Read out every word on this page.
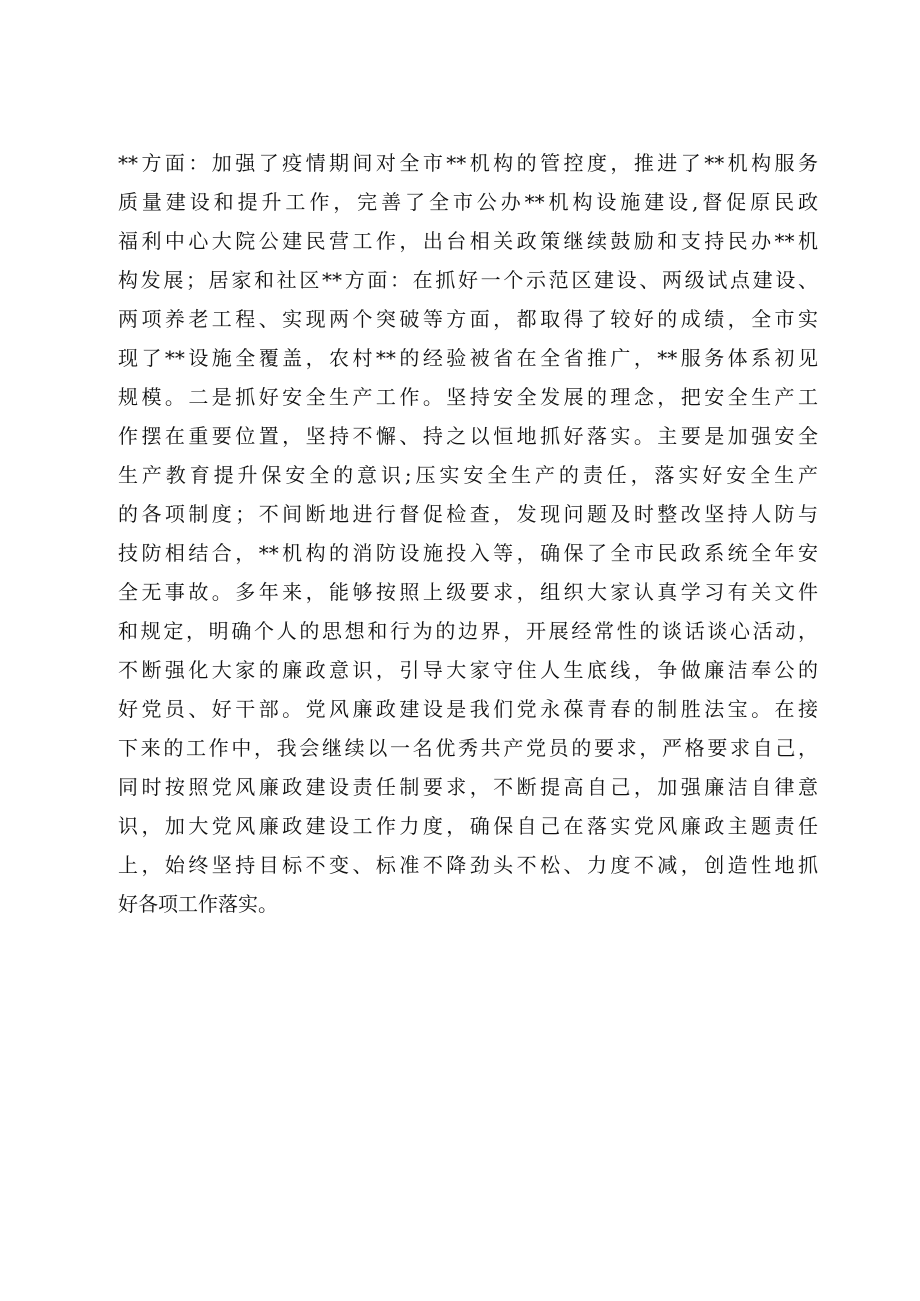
**方面：加强了疫情期间对全市**机构的管控度，推进了**机构服务
质量建设和提升工作，完善了全市公办**机构设施建设,督促原民政
福利中心大院公建民营工作，出台相关政策继续鼓励和支持民办**机
构发展；居家和社区**方面：在抓好一个示范区建设、两级试点建设、
两项养老工程、实现两个突破等方面，都取得了较好的成绩，全市实
现了**设施全覆盖，农村**的经验被省在全省推广，**服务体系初见
规模。二是抓好安全生产工作。坚持安全发展的理念，把安全生产工
作摆在重要位置，坚持不懈、持之以恒地抓好落实。主要是加强安全
生产教育提升保安全的意识;压实安全生产的责任，落实好安全生产
的各项制度；不间断地进行督促检查，发现问题及时整改坚持人防与
技防相结合，**机构的消防设施投入等，确保了全市民政系统全年安
全无事故。多年来，能够按照上级要求，组织大家认真学习有关文件
和规定，明确个人的思想和行为的边界，开展经常性的谈话谈心活动，
不断强化大家的廉政意识，引导大家守住人生底线，争做廉洁奉公的
好党员、好干部。党风廉政建设是我们党永葆青春的制胜法宝。在接
下来的工作中，我会继续以一名优秀共产党员的要求，严格要求自己，
同时按照党风廉政建设责任制要求，不断提高自己，加强廉洁自律意
识，加大党风廉政建设工作力度，确保自己在落实党风廉政主题责任
上，始终坚持目标不变、标准不降劲头不松、力度不减，创造性地抓
好各项工作落实。
